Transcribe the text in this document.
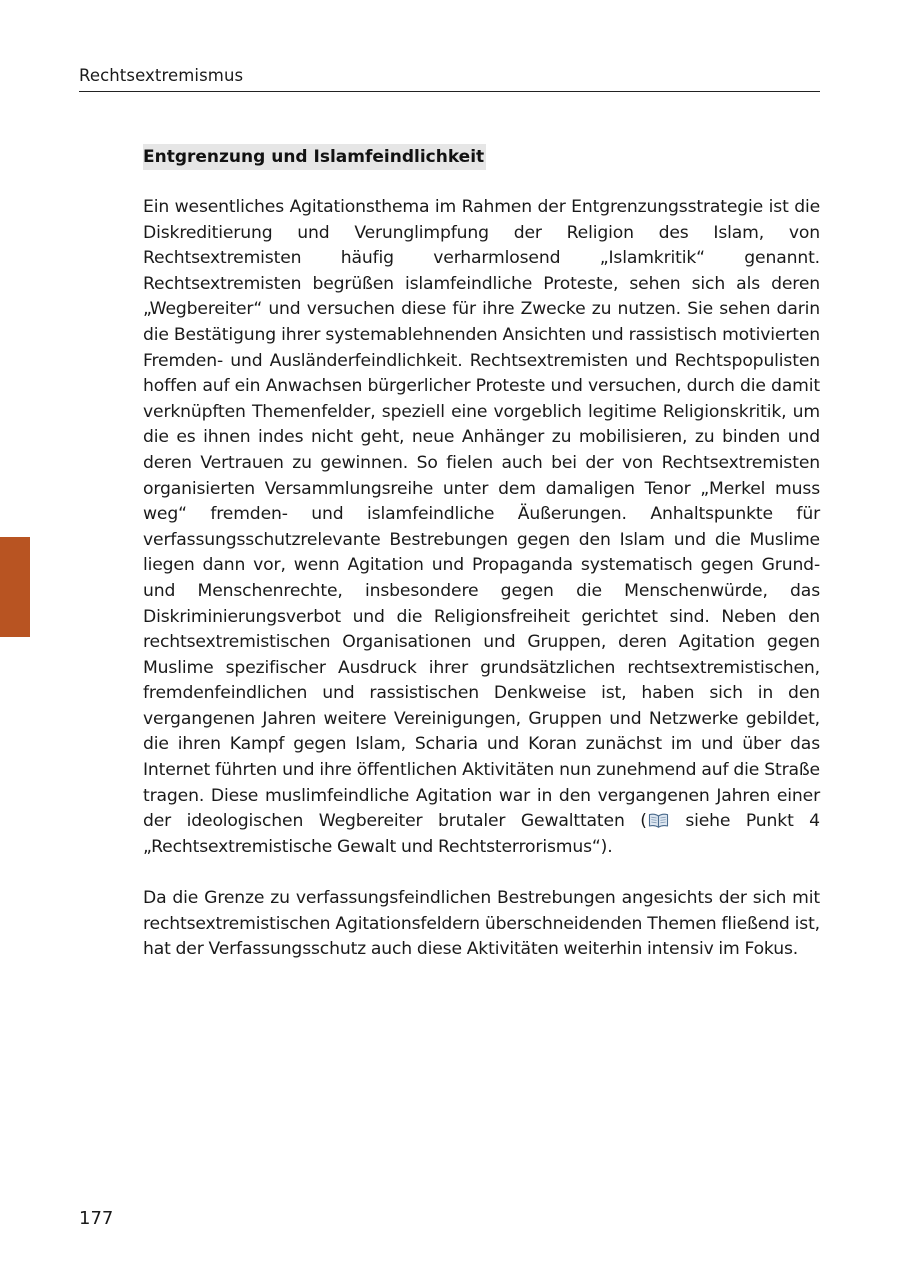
Rechtsextremismus
Entgrenzung und Islamfeindlichkeit

Ein wesentliches Agitationsthema im Rahmen der Entgrenzungsstrategie ist die Diskreditierung und Verunglimpfung der Religion des Islam, von Rechtsextremisten häufig verharmlosend „Islamkritik“ genannt. Rechtsextremisten begrüßen islamfeindliche Proteste, sehen sich als deren „Wegbereiter“ und versuchen diese für ihre Zwecke zu nutzen. Sie sehen darin die Bestätigung ihrer systemablehnenden Ansichten und rassistisch motivierten Fremden- und Ausländerfeindlichkeit. Rechtsextremisten und Rechtspopulisten hoffen auf ein Anwachsen bürgerlicher Proteste und versuchen, durch die damit verknüpften Themenfelder, speziell eine vorgeblich legitime Religionskritik, um die es ihnen indes nicht geht, neue Anhänger zu mobilisieren, zu binden und deren Vertrauen zu gewinnen. So fielen auch bei der von Rechtsextremisten organisierten Versammlungsreihe unter dem damaligen Tenor „Merkel muss weg“ fremden- und islamfeindliche Äußerungen. Anhaltspunkte für verfassungsschutzrelevante Bestrebungen gegen den Islam und die Muslime liegen dann vor, wenn Agitation und Propaganda systematisch gegen Grund- und Menschenrechte, insbesondere gegen die Menschenwürde, das Diskriminierungsverbot und die Religionsfreiheit gerichtet sind. Neben den rechtsextremistischen Organisationen und Gruppen, deren Agitation gegen Muslime spezifischer Ausdruck ihrer grundsätzlichen rechtsextremistischen, fremdenfeindlichen und rassistischen Denkweise ist, haben sich in den vergangenen Jahren weitere Vereinigungen, Gruppen und Netzwerke gebildet, die ihren Kampf gegen Islam, Scharia und Koran zunächst im und über das Internet führten und ihre öffentlichen Aktivitäten nun zunehmend auf die Straße tragen. Diese muslimfeindliche Agitation war in den vergangenen Jahren einer der ideologischen Wegbereiter brutaler Gewalttaten ( siehe Punkt 4 „Rechtsextremistische Gewalt und Rechtsterrorismus“).

Da die Grenze zu verfassungsfeindlichen Bestrebungen angesichts der sich mit rechtsextremistischen Agitationsfeldern überschneidenden Themen fließend ist, hat der Verfassungsschutz auch diese Aktivitäten weiterhin intensiv im Fokus.

177
